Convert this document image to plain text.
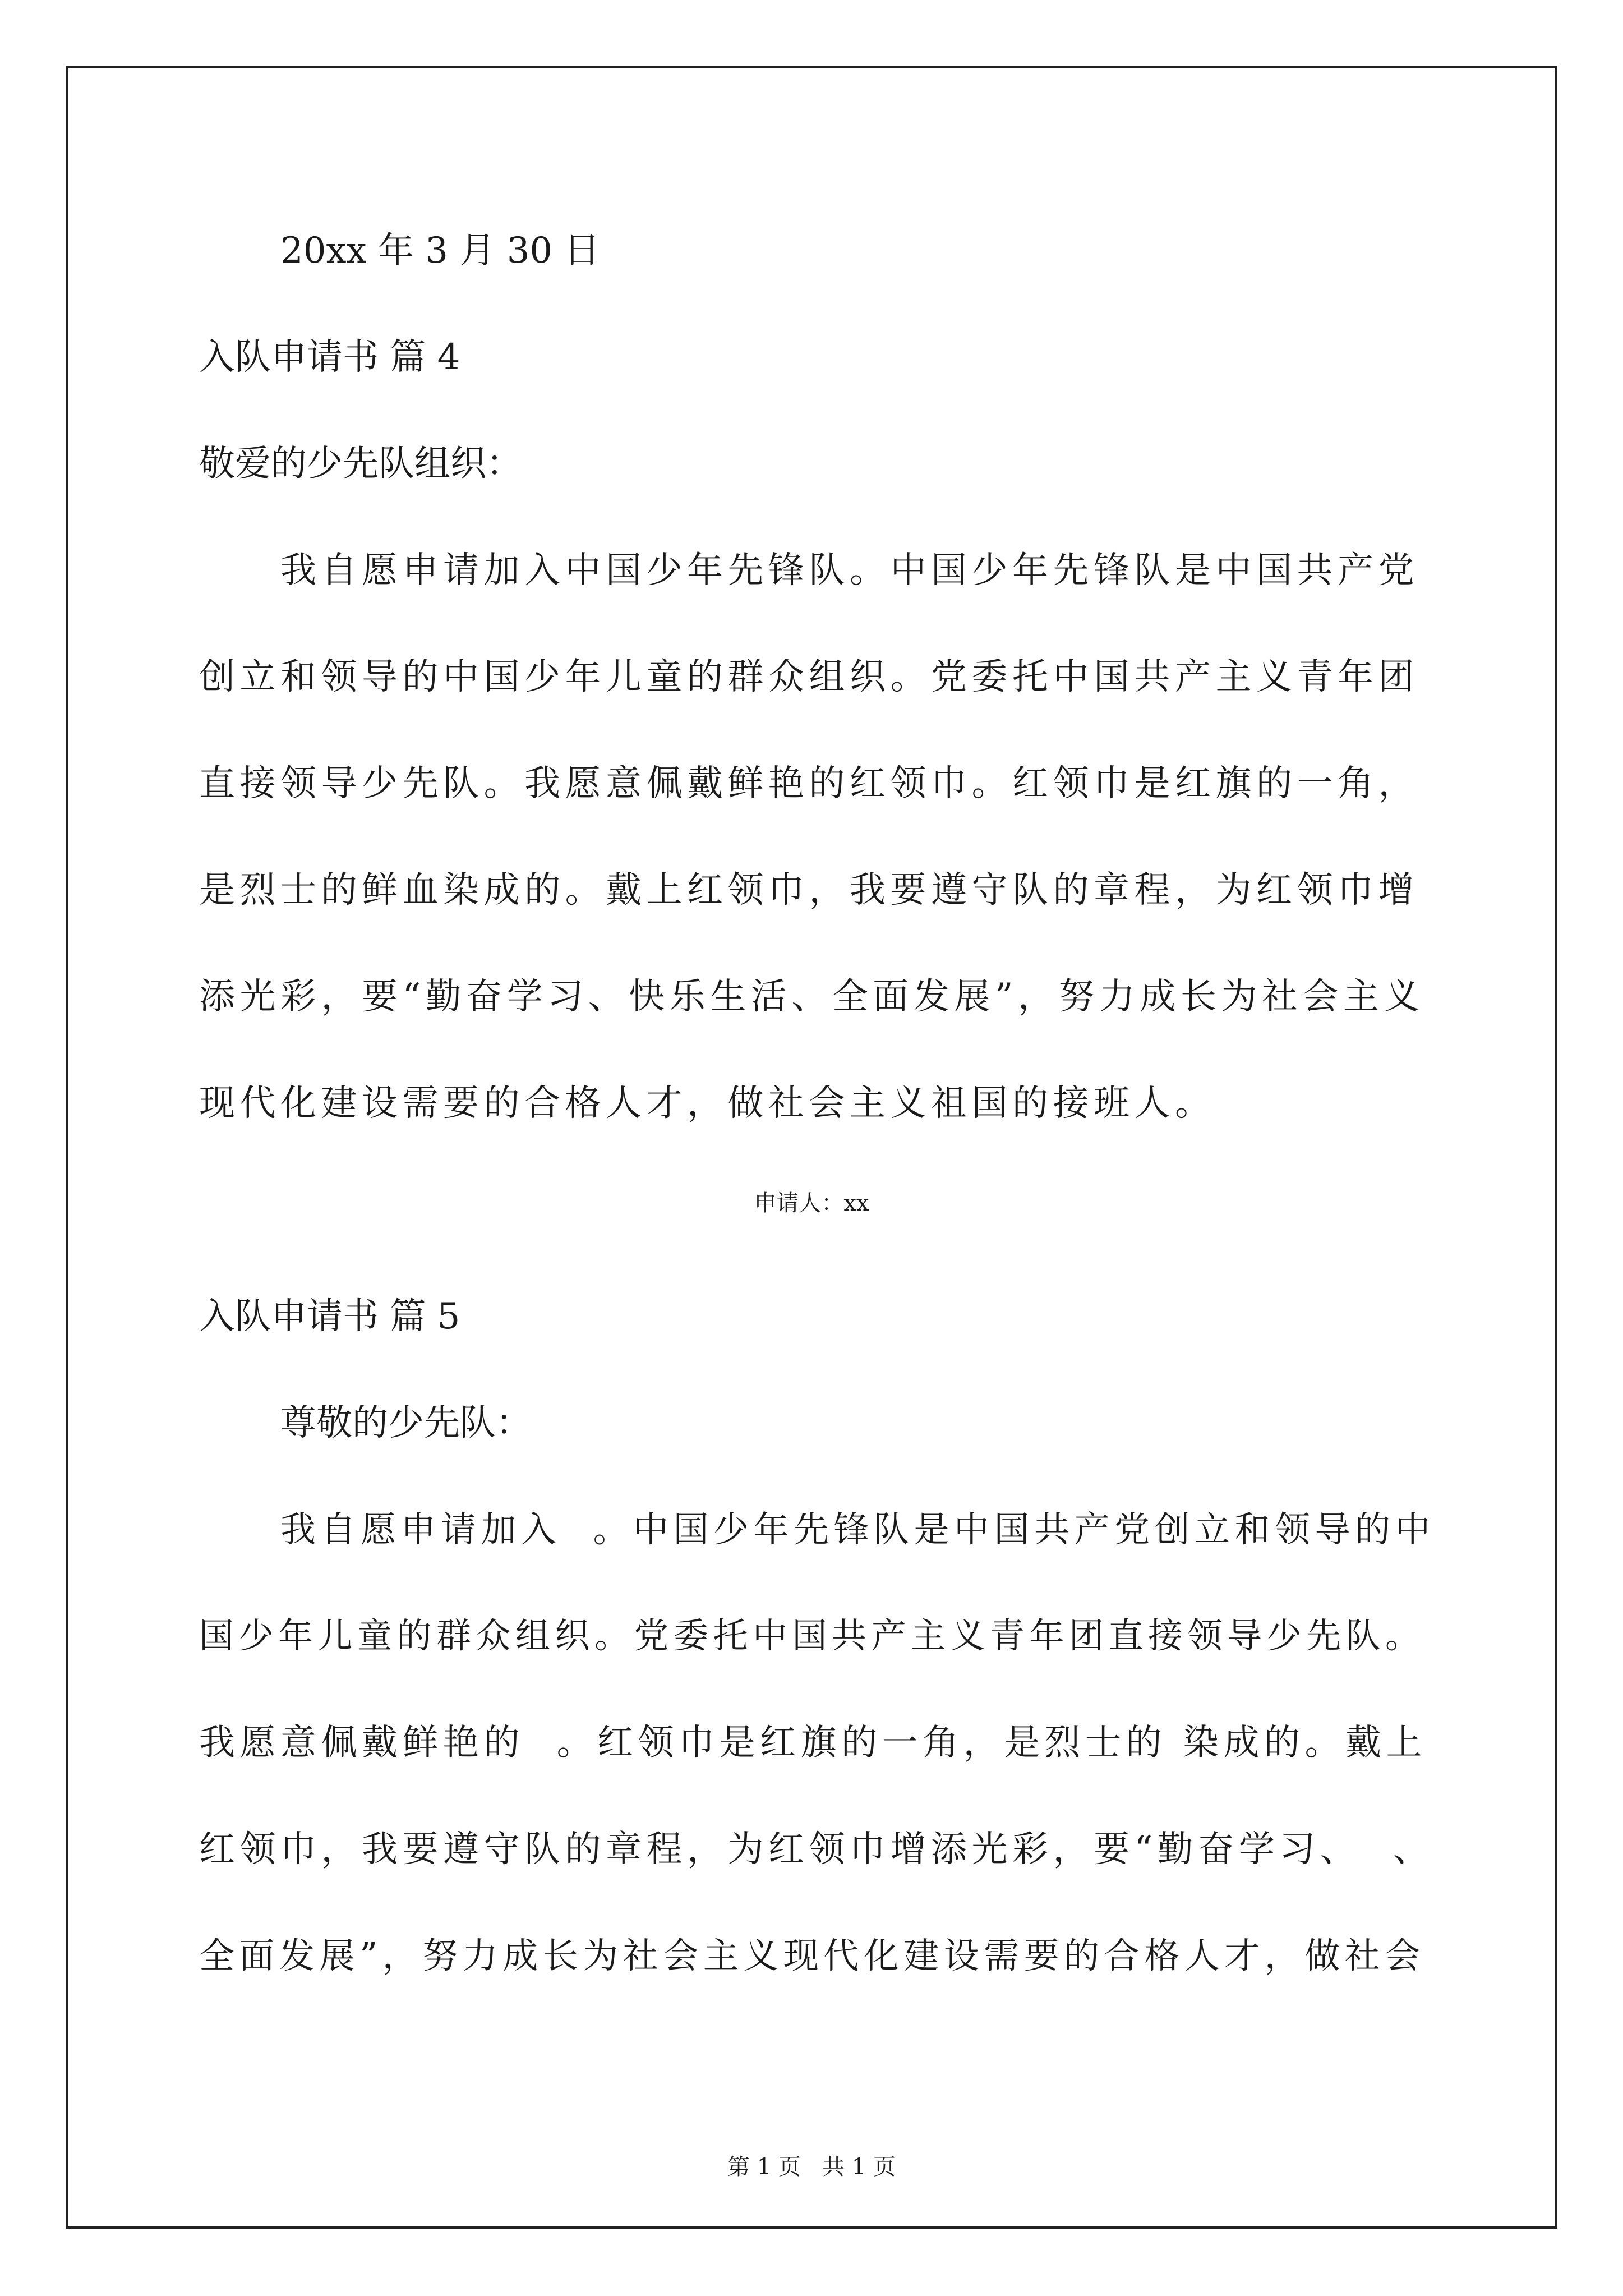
20xx 年 3 月 30 日
入队申请书 篇 4
敬爱的少先队组织：
我自愿申请加入中国少年先锋队。中国少年先锋队是中国共产党
创立和领导的中国少年儿童的群众组织。党委托中国共产主义青年团
直接领导少先队。我愿意佩戴鲜艳的红领巾。红领巾是红旗的一角，
是烈士的鲜血染成的。戴上红领巾，我要遵守队的章程，为红领巾增
添光彩，要“勤奋学习、快乐生活、全面发展”，努力成长为社会主义
现代化建设需要的合格人才，做社会主义祖国的接班人。
申请人：xx
入队申请书 篇 5
尊敬的少先队：
我自愿申请加入  。中国少年先锋队是中国共产党创立和领导的中
国少年儿童的群众组织。党委托中国共产主义青年团直接领导少先队。
我愿意佩戴鲜艳的  。红领巾是红旗的一角，是烈士的 染成的。戴上
红领巾，我要遵守队的章程，为红领巾增添光彩，要“勤奋学习、  、
全面发展”，努力成长为社会主义现代化建设需要的合格人才，做社会
第 1 页   共 1 页
